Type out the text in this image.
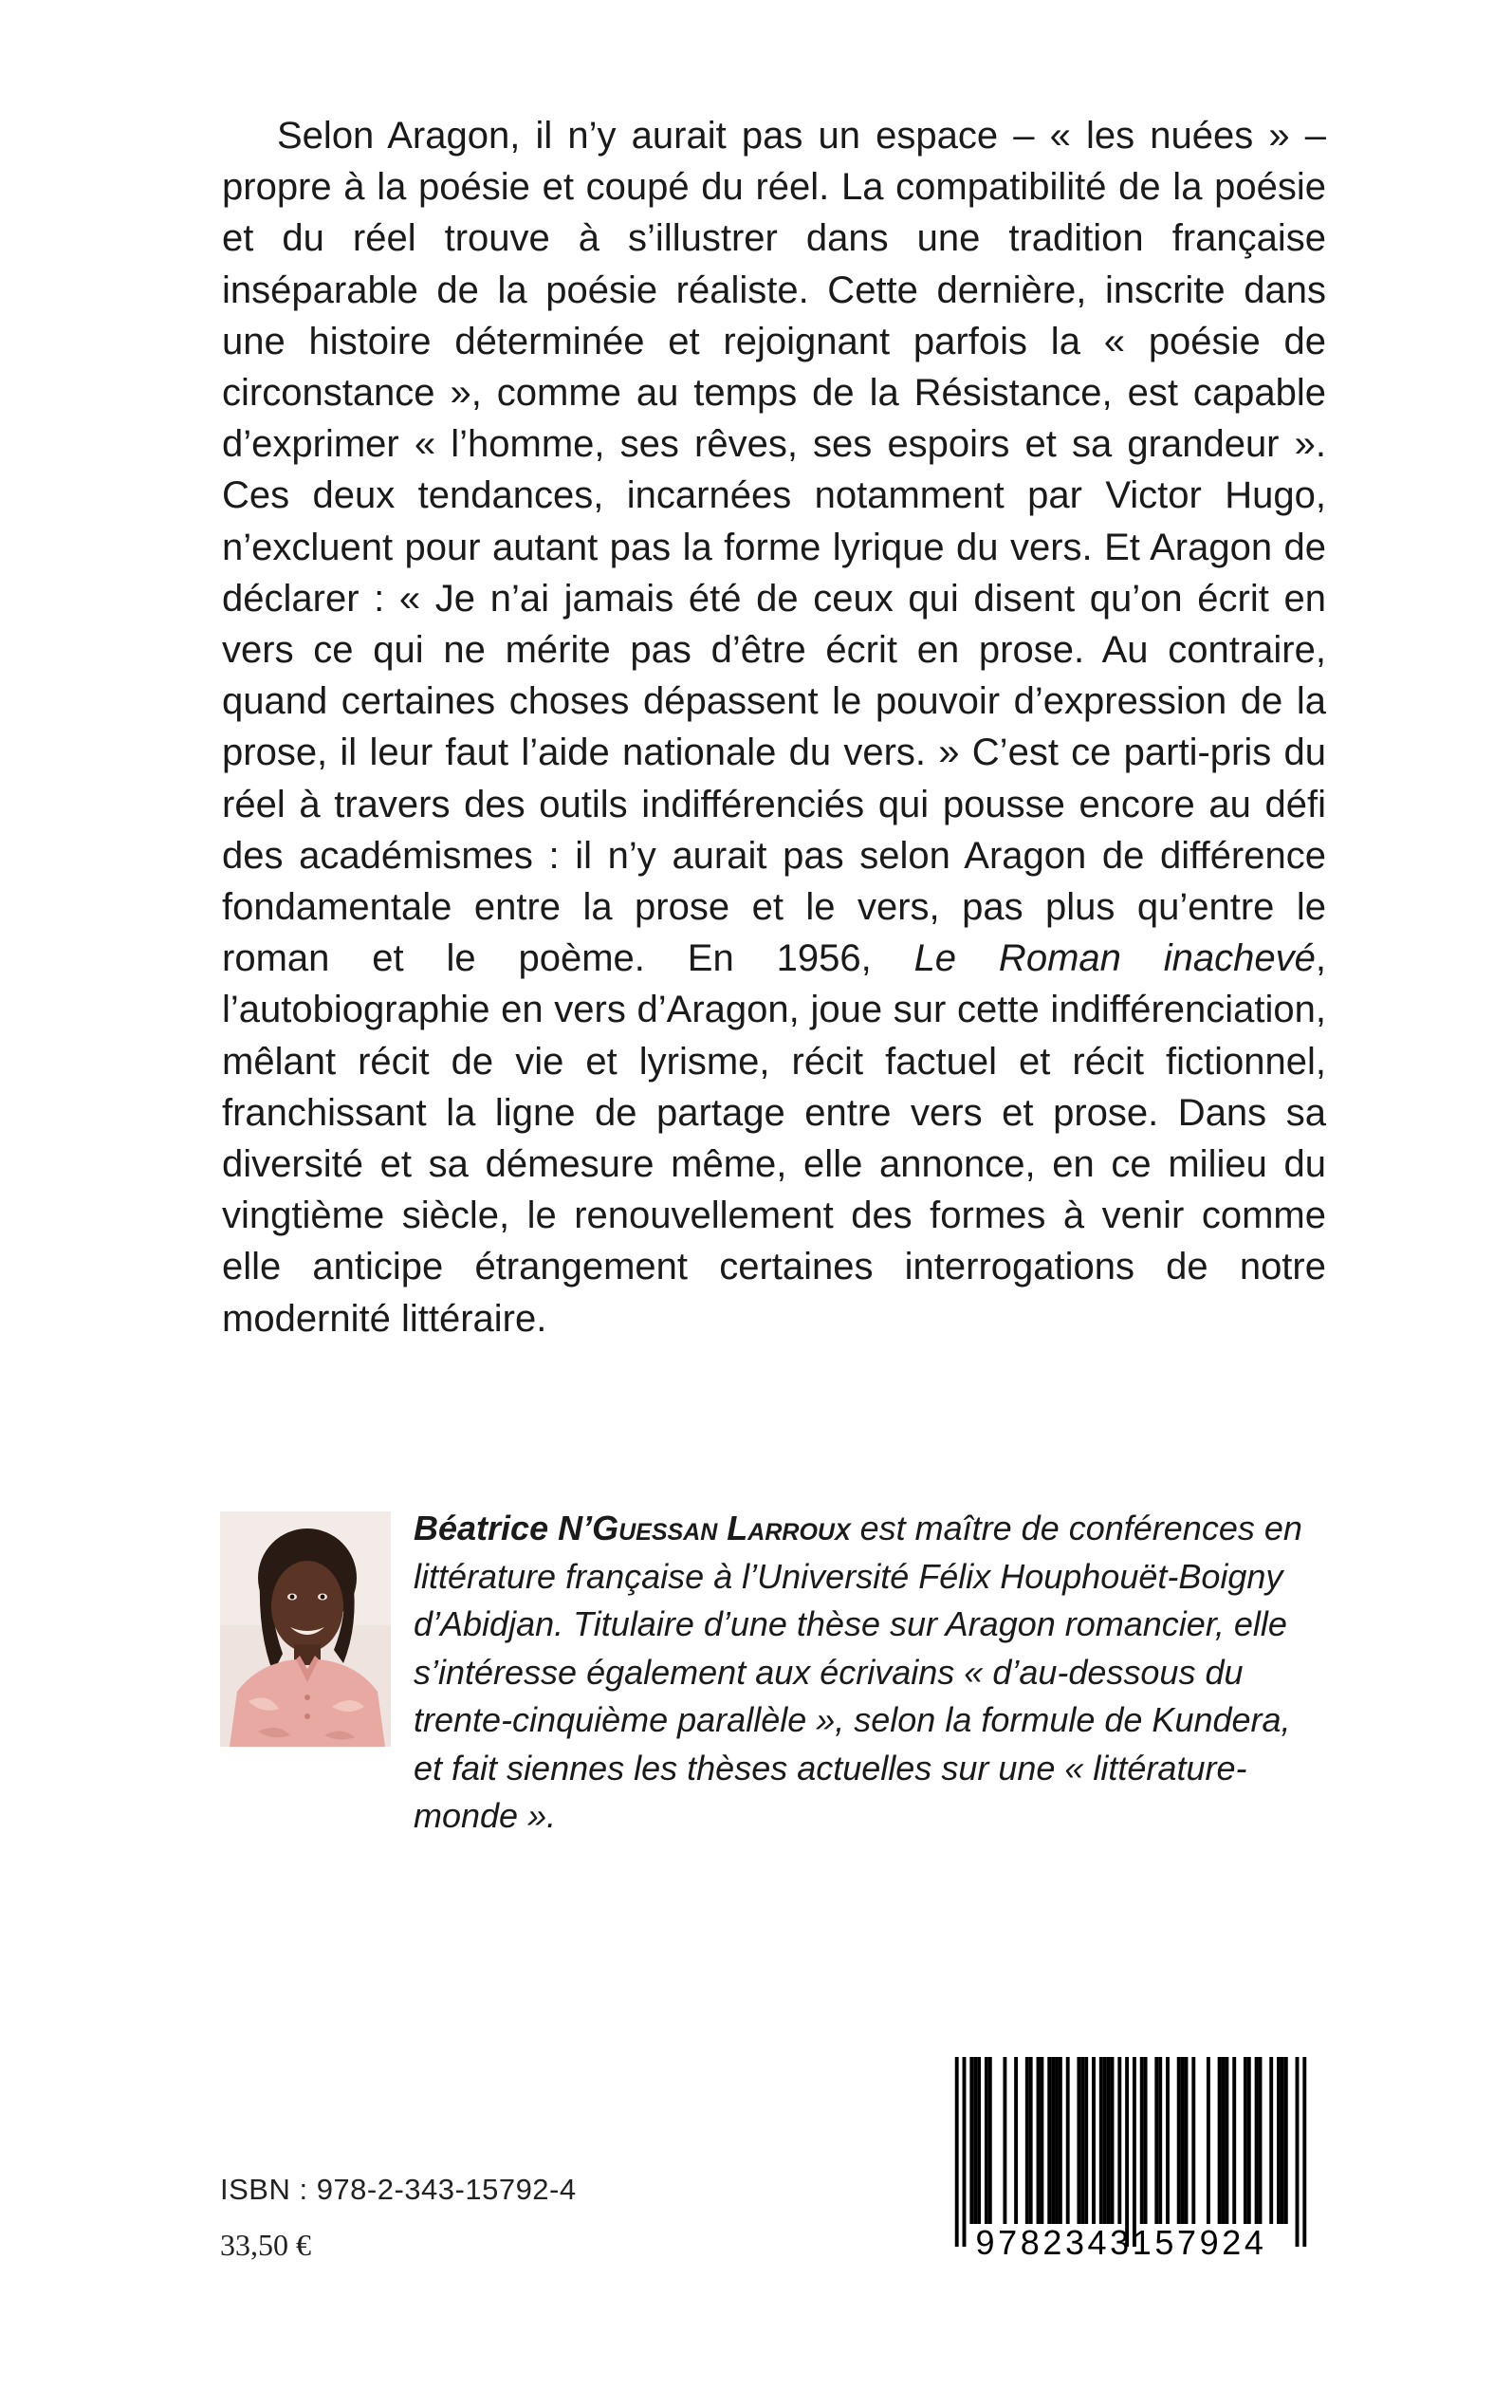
Selon Aragon, il n’y aurait pas un espace – « les nuées » – propre à la poésie et coupé du réel. La compatibilité de la poésie et du réel trouve à s’illustrer dans une tradition française inséparable de la poésie réaliste. Cette dernière, inscrite dans une histoire déterminée et rejoignant parfois la « poésie de circonstance », comme au temps de la Résistance, est capable d’exprimer « l’homme, ses rêves, ses espoirs et sa grandeur ». Ces deux tendances, incarnées notamment par Victor Hugo, n’excluent pour autant pas la forme lyrique du vers. Et Aragon de déclarer : « Je n’ai jamais été de ceux qui disent qu’on écrit en vers ce qui ne mérite pas d’être écrit en prose. Au contraire, quand certaines choses dépassent le pouvoir d’expression de la prose, il leur faut l’aide nationale du vers. » C’est ce parti-pris du réel à travers des outils indifférenciés qui pousse encore au défi des académismes : il n’y aurait pas selon Aragon de différence fondamentale entre la prose et le vers, pas plus qu’entre le roman et le poème. En 1956, Le Roman inachevé, l’autobiographie en vers d’Aragon, joue sur cette indifférenciation, mêlant récit de vie et lyrisme, récit factuel et récit fictionnel, franchissant la ligne de partage entre vers et prose. Dans sa diversité et sa démesure même, elle annonce, en ce milieu du vingtième siècle, le renouvellement des formes à venir comme elle anticipe étrangement certaines interrogations de notre modernité littéraire.

Béatrice N’Guessan Larroux est maître de conférences en littérature française à l’Université Félix Houphouët-Boigny d’Abidjan. Titulaire d’une thèse sur Aragon romancier, elle s’intéresse également aux écrivains « d’au-dessous du trente-cinquième parallèle », selon la formule de Kundera, et fait siennes les thèses actuelles sur une « littérature-monde ».

ISBN : 978-2-343-15792-4
33,50 €	9782343157924
